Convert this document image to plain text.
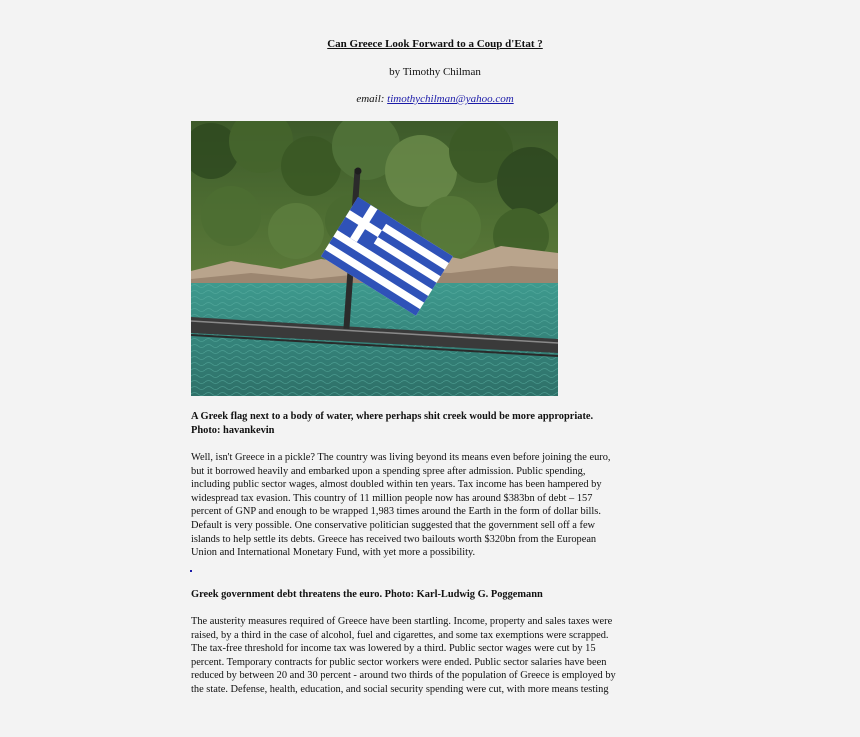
Can Greece Look Forward to a Coup d'Etat ?
by Timothy Chilman
email: timothychilman@yahoo.com
A Greek flag next to a body of water, where perhaps shit creek would be more appropriate.
Photo: havankevin
Well, isn't Greece in a pickle? The country was living beyond its means even before joining the euro,
but it borrowed heavily and embarked upon a spending spree after admission. Public spending,
including public sector wages, almost doubled within ten years. Tax income has been hampered by
widespread tax evasion. This country of 11 million people now has around $383bn of debt – 157
percent of GNP and enough to be wrapped 1,983 times around the Earth in the form of dollar bills.
Default is very possible. One conservative politician suggested that the government sell off a few
islands to help settle its debts. Greece has received two bailouts worth $320bn from the European
Union and International Monetary Fund, with yet more a possibility.
Greek government debt threatens the euro. Photo: Karl-Ludwig G. Poggemann
The austerity measures required of Greece have been startling. Income, property and sales taxes were
raised, by a third in the case of alcohol, fuel and cigarettes, and some tax exemptions were scrapped.
The tax-free threshold for income tax was lowered by a third. Public sector wages were cut by 15
percent. Temporary contracts for public sector workers were ended. Public sector salaries have been
reduced by between 20 and 30 percent - around two thirds of the population of Greece is employed by
the state. Defense, health, education, and social security spending were cut, with more means testing
